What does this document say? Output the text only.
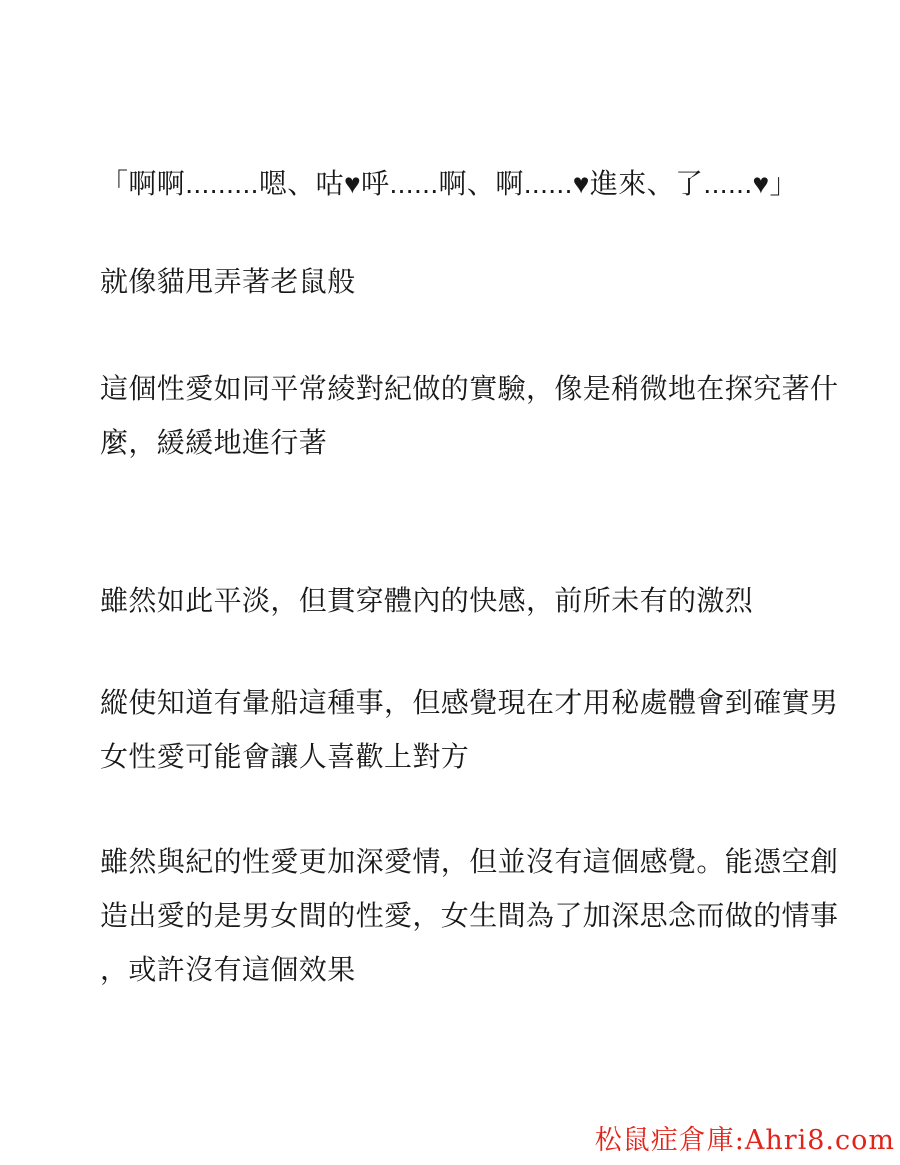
「啊啊.........嗯、咕♥呼......啊、啊......♥進來、了......♥」

就像貓甩弄著老鼠般

這個性愛如同平常綾對紀做的實驗，像是稍微地在探究著什
麼，緩緩地進行著

雖然如此平淡，但貫穿體內的快感，前所未有的激烈

縱使知道有暈船這種事，但感覺現在才用秘處體會到確實男
女性愛可能會讓人喜歡上對方

雖然與紀的性愛更加深愛情，但並沒有這個感覺。能憑空創
造出愛的是男女間的性愛，女生間為了加深思念而做的情事
，或許沒有這個效果

松鼠症倉庫:Ahri8.com
